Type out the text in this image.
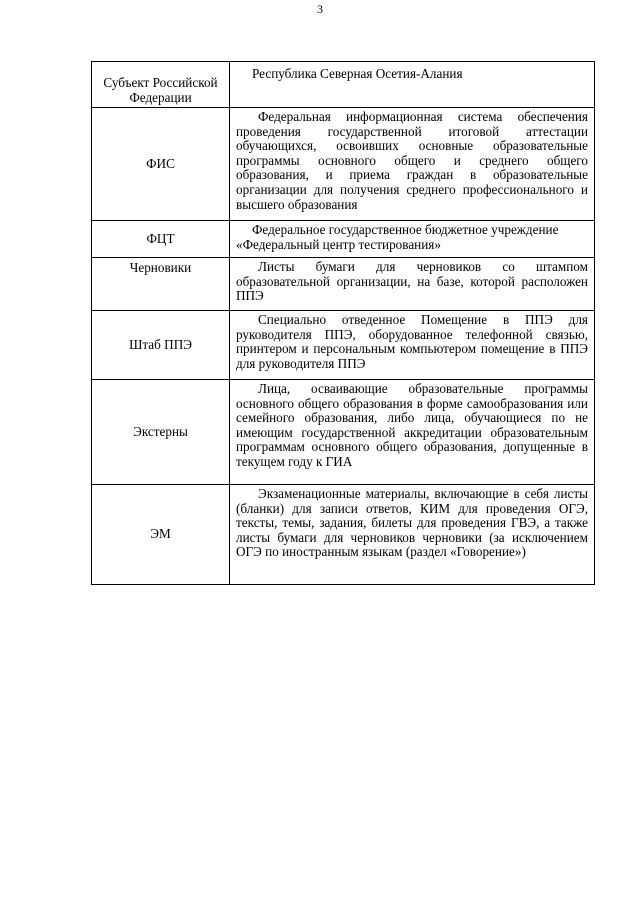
3
Субъект Российской Федерации	Республика Северная Осетия-Алания

ФИС	Федеральная информационная система обеспечения проведения государственной итоговой аттестации обучающихся, освоивших основные образовательные программы основного общего и среднего общего образования, и приема граждан в образовательные организации для получения среднего профессионального и высшего образования

ФЦТ	Федеральное государственное бюджетное учреждение «Федеральный центр тестирования»

Черновики	Листы бумаги для черновиков со штампом образовательной организации, на базе, которой расположен ППЭ

Штаб ППЭ	Специально отведенное Помещение в ППЭ для руководителя ППЭ, оборудованное телефонной связью, принтером и персональным компьютером помещение в ППЭ для руководителя ППЭ

Экстерны	Лица, осваивающие образовательные программы основного общего образования в форме самообразования или семейного образования, либо лица, обучающиеся по не имеющим государственной аккредитации образовательным программам основного общего образования, допущенные в текущем году к ГИА

ЭМ	Экзаменационные материалы, включающие в себя листы (бланки) для записи ответов, КИМ для проведения ОГЭ, тексты, темы, задания, билеты для проведения ГВЭ, а также листы бумаги для черновиков черновики (за исключением ОГЭ по иностранным языкам (раздел «Говорение»)
